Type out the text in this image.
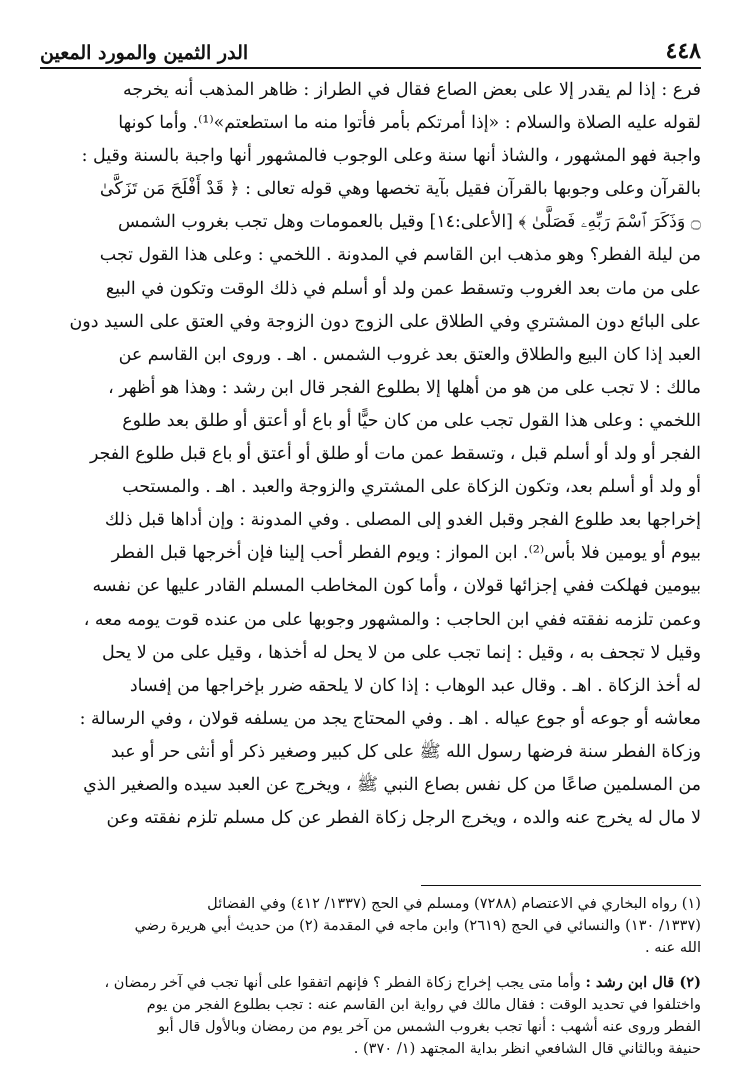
٤٤٨
الدر الثمين والمورد المعين
فرع : إذا لم يقدر إلا على بعض الصاع فقال في الطراز : ظاهر المذهب أنه يخرجه
لقوله عليه الصلاة والسلام : «إذا أمرتكم بأمر فأتوا منه ما استطعتم»⁽¹⁾. وأما كونها
واجبة فهو المشهور ، والشاذ أنها سنة وعلى الوجوب فالمشهور أنها واجبة بالسنة وقيل :
بالقرآن وعلى وجوبها بالقرآن فقيل بآية تخصها وهي قوله تعالى : ﴿ قَدْ أَفْلَحَ مَن تَزَكَّىٰ
۝ وَذَكَرَ ٱسْمَ رَبِّهِۦ فَصَلَّىٰ ﴾ [الأعلى:١٤] وقيل بالعمومات وهل تجب بغروب الشمس
من ليلة الفطر؟ وهو مذهب ابن القاسم في المدونة . اللخمي : وعلى هذا القول تجب
على من مات بعد الغروب وتسقط عمن ولد أو أسلم في ذلك الوقت وتكون في البيع
على البائع دون المشتري وفي الطلاق على الزوج دون الزوجة وفي العتق على السيد دون
العبد إذا كان البيع والطلاق والعتق بعد غروب الشمس . اهـ . وروى ابن القاسم عن
مالك : لا تجب على من هو من أهلها إلا بطلوع الفجر قال ابن رشد : وهذا هو أظهر ،
اللخمي : وعلى هذا القول تجب على من كان حيًّا أو باع أو أعتق أو طلق بعد طلوع
الفجر أو ولد أو أسلم قبل ، وتسقط عمن مات أو طلق أو أعتق أو باع قبل طلوع الفجر
أو ولد أو أسلم بعد، وتكون الزكاة على المشتري والزوجة والعبد . اهـ . والمستحب
إخراجها بعد طلوع الفجر وقبل الغدو إلى المصلى . وفي المدونة : وإن أداها قبل ذلك
بيوم أو يومين فلا بأس⁽²⁾. ابن المواز : ويوم الفطر أحب إلينا فإن أخرجها قبل الفطر
بيومين فهلكت ففي إجزائها قولان ، وأما كون المخاطب المسلم القادر عليها عن نفسه
وعمن تلزمه نفقته ففي ابن الحاجب : والمشهور وجوبها على من عنده قوت يومه معه ،
وقيل لا تجحف به ، وقيل : إنما تجب على من لا يحل له أخذها ، وقيل على من لا يحل
له أخذ الزكاة . اهـ . وقال عبد الوهاب : إذا كان لا يلحقه ضرر بإخراجها من إفساد
معاشه أو جوعه أو جوع عياله . اهـ . وفي المحتاج يجد من يسلفه قولان ، وفي الرسالة :
وزكاة الفطر سنة فرضها رسول الله ﷺ على كل كبير وصغير ذكر أو أنثى حر أو عبد
من المسلمين صاعًا من كل نفس بصاع النبي ﷺ ، ويخرج عن العبد سيده والصغير الذي
لا مال له يخرج عنه والده ، ويخرج الرجل زكاة الفطر عن كل مسلم تلزم نفقته وعن
(١) رواه البخاري في الاعتصام (٧٢٨٨) ومسلم في الحج (١٣٣٧/ ٤١٢) وفي الفضائل
(١٣٣٧/ ١٣٠) والنسائي في الحج (٢٦١٩) وابن ماجه في المقدمة (٢) من حديث أبي هريرة رضي
الله عنه .
(٢) قال ابن رشد : وأما متى يجب إخراج زكاة الفطر ؟ فإنهم اتفقوا على أنها تجب في آخر رمضان ،
واختلفوا في تحديد الوقت : فقال مالك في رواية ابن القاسم عنه : تجب بطلوع الفجر من يوم
الفطر وروى عنه أشهب : أنها تجب بغروب الشمس من آخر يوم من رمضان وبالأول قال أبو
حنيفة وبالثاني قال الشافعي انظر بداية المجتهد (١/ ٣٧٠) .
